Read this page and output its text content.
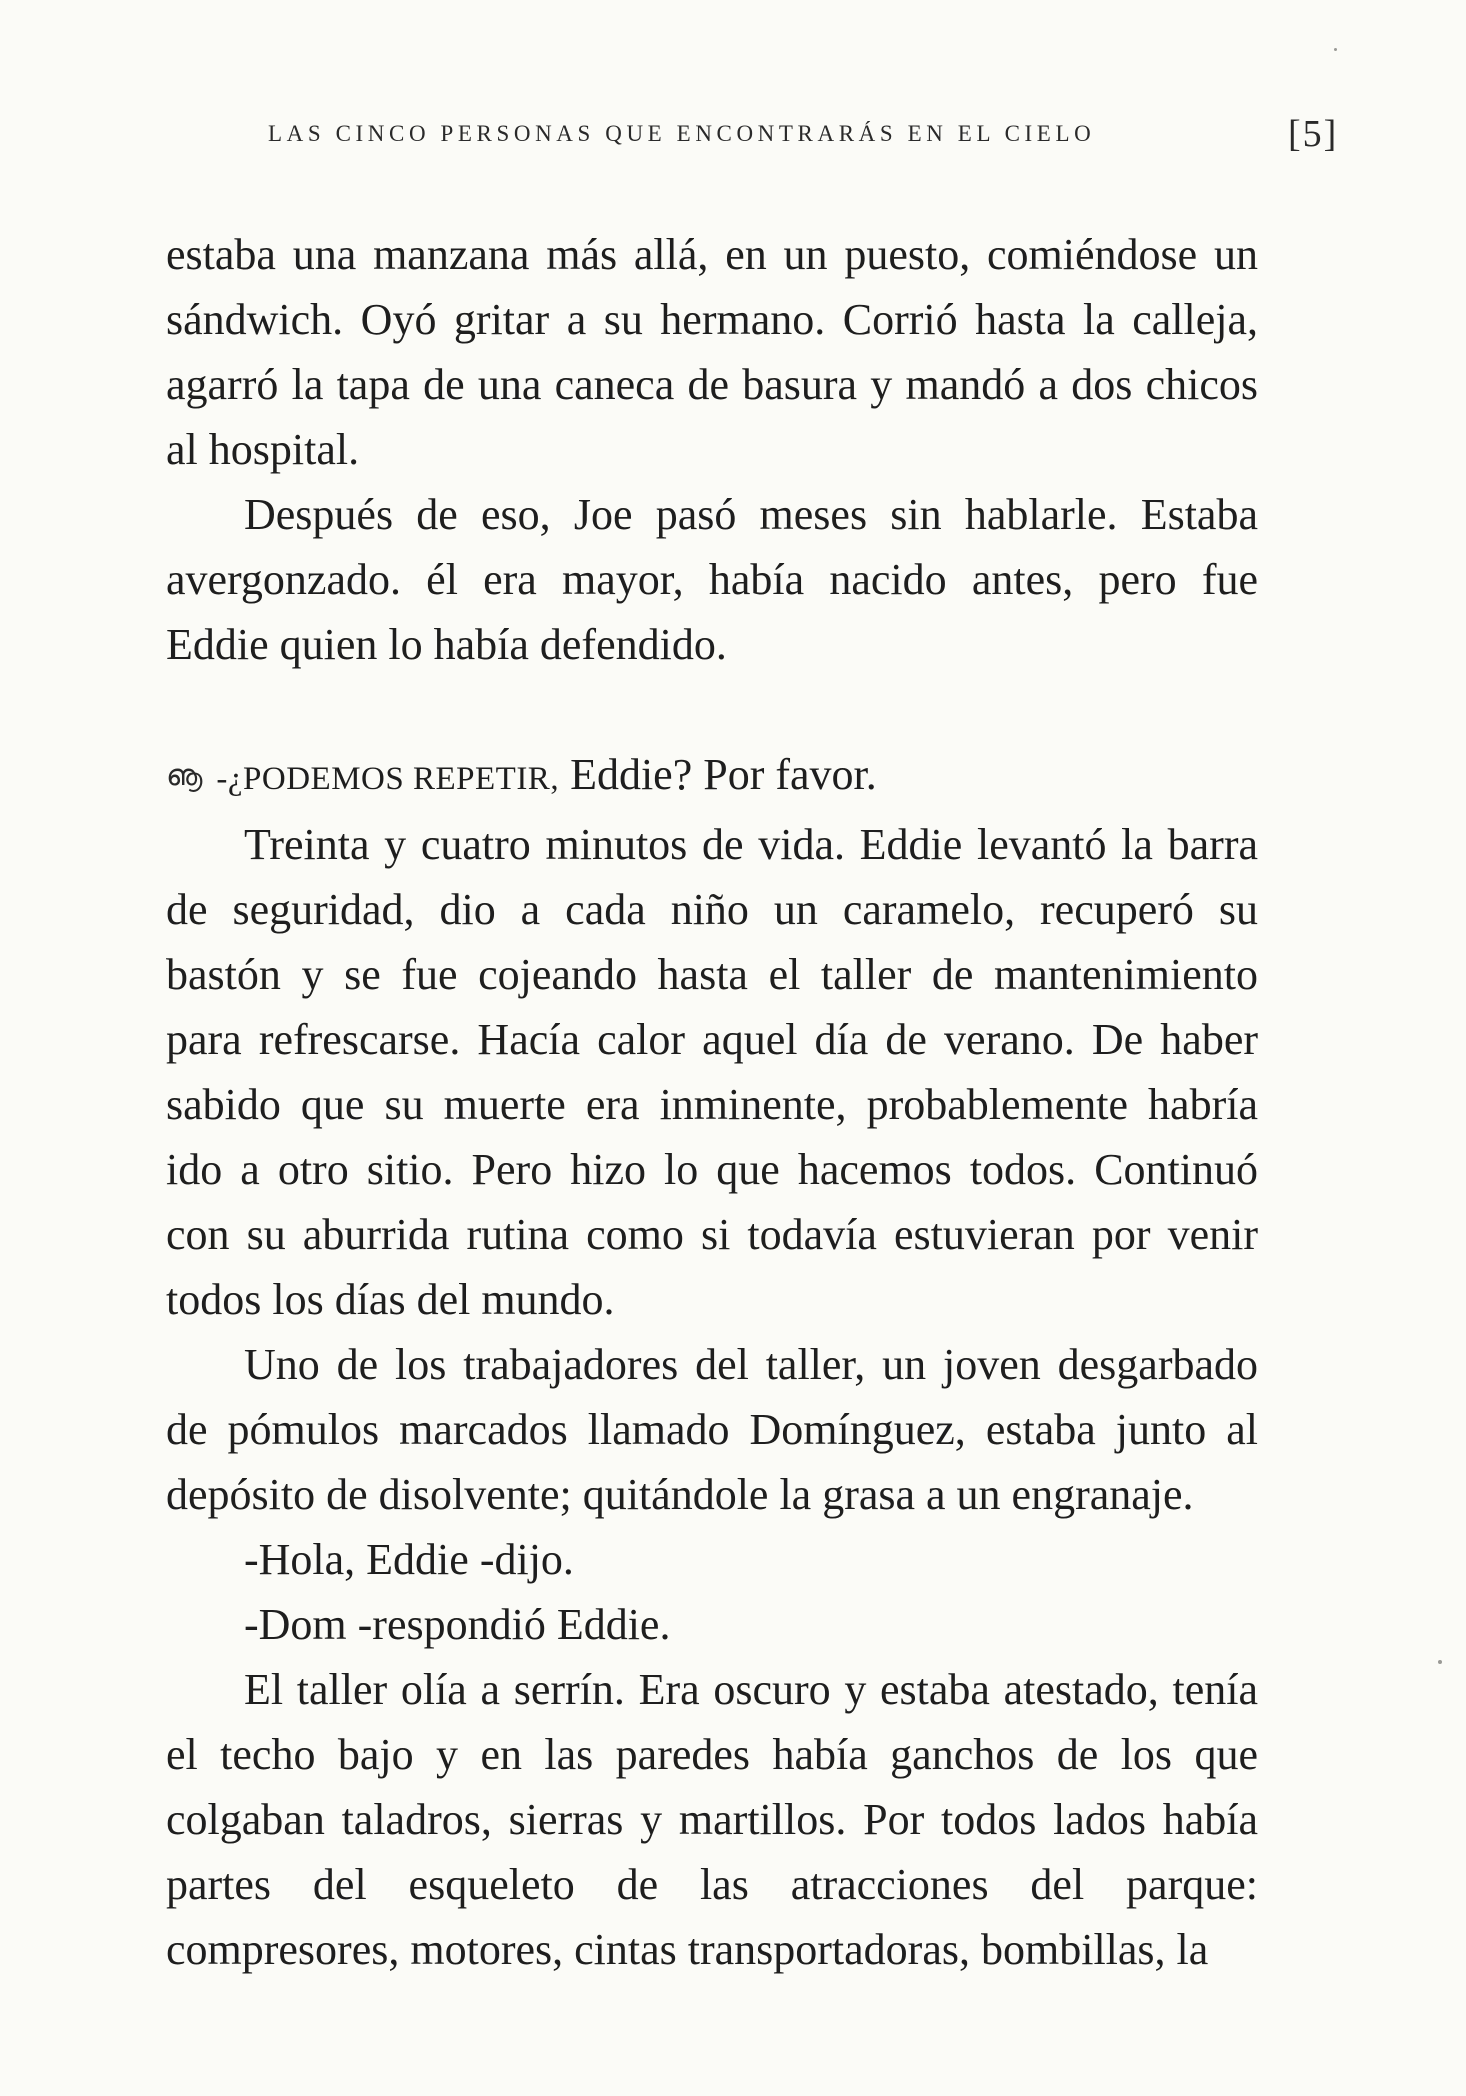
LAS CINCO PERSONAS QUE ENCONTRARÁS EN EL CIELO	[5]

estaba una manzana más allá, en un puesto, comiéndose un sándwich. Oyó gritar a su hermano. Corrió hasta la calleja, agarró la tapa de una caneca de basura y mandó a dos chicos al hospital.

Después de eso, Joe pasó meses sin hablarle. Estaba avergonzado. él era mayor, había nacido antes, pero fue Eddie quien lo había defendido.

ൡ -¿PODEMOS REPETIR, Eddie? Por favor.

Treinta y cuatro minutos de vida. Eddie levantó la barra de seguridad, dio a cada niño un caramelo, recuperó su bastón y se fue cojeando hasta el taller de mantenimiento para refrescarse. Hacía calor aquel día de verano. De haber sabido que su muerte era inminente, probablemente habría ido a otro sitio. Pero hizo lo que hacemos todos. Continuó con su aburrida rutina como si todavía estuvieran por venir todos los días del mundo.

Uno de los trabajadores del taller, un joven desgarbado de pómulos marcados llamado Domínguez, estaba junto al depósito de disolvente; quitándole la grasa a un engranaje.

-Hola, Eddie -dijo.

-Dom -respondió Eddie.

El taller olía a serrín. Era oscuro y estaba atestado, tenía el techo bajo y en las paredes había ganchos de los que colgaban taladros, sierras y martillos. Por todos lados había partes del esqueleto de las atracciones del parque: compresores, motores, cintas transportadoras, bombillas, la
